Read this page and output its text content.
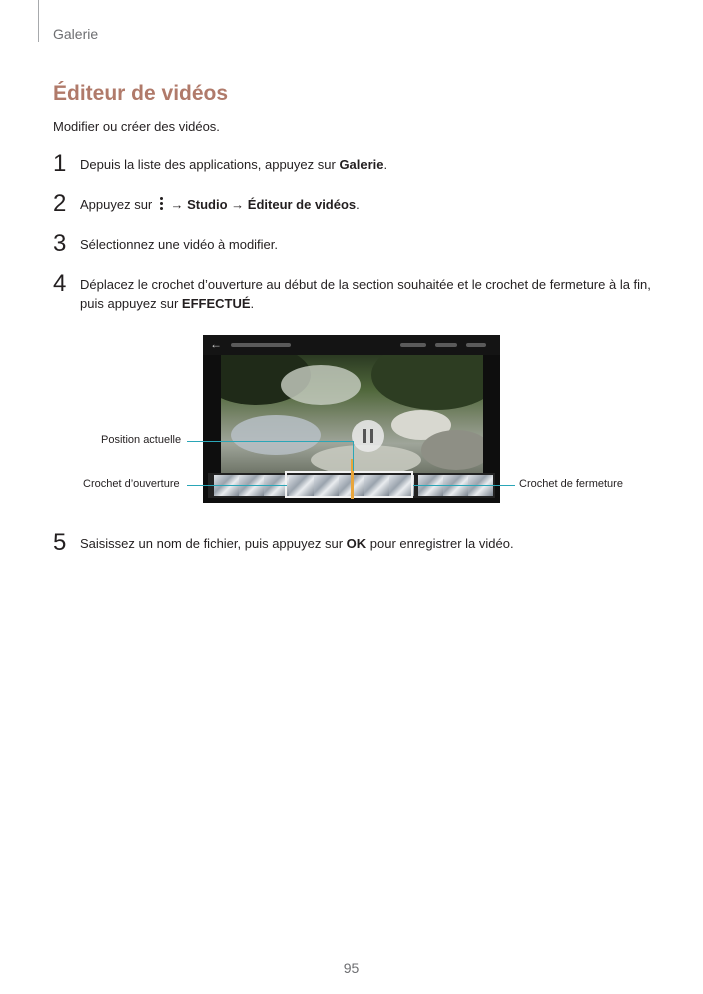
Galerie
Éditeur de vidéos
Modifier ou créer des vidéos.
1 Depuis la liste des applications, appuyez sur Galerie.
2 Appuyez sur
→ Studio → Éditeur de vidéos.
3 Sélectionnez une vidéo à modifier.
4 Déplacez le crochet d’ouverture au début de la section souhaitée et le crochet de fermeture à la fin, puis appuyez sur EFFECTUÉ.
←
Position actuelle
Crochet d’ouverture	Crochet de fermeture
5 Saisissez un nom de fichier, puis appuyez sur OK pour enregistrer la vidéo.
95
